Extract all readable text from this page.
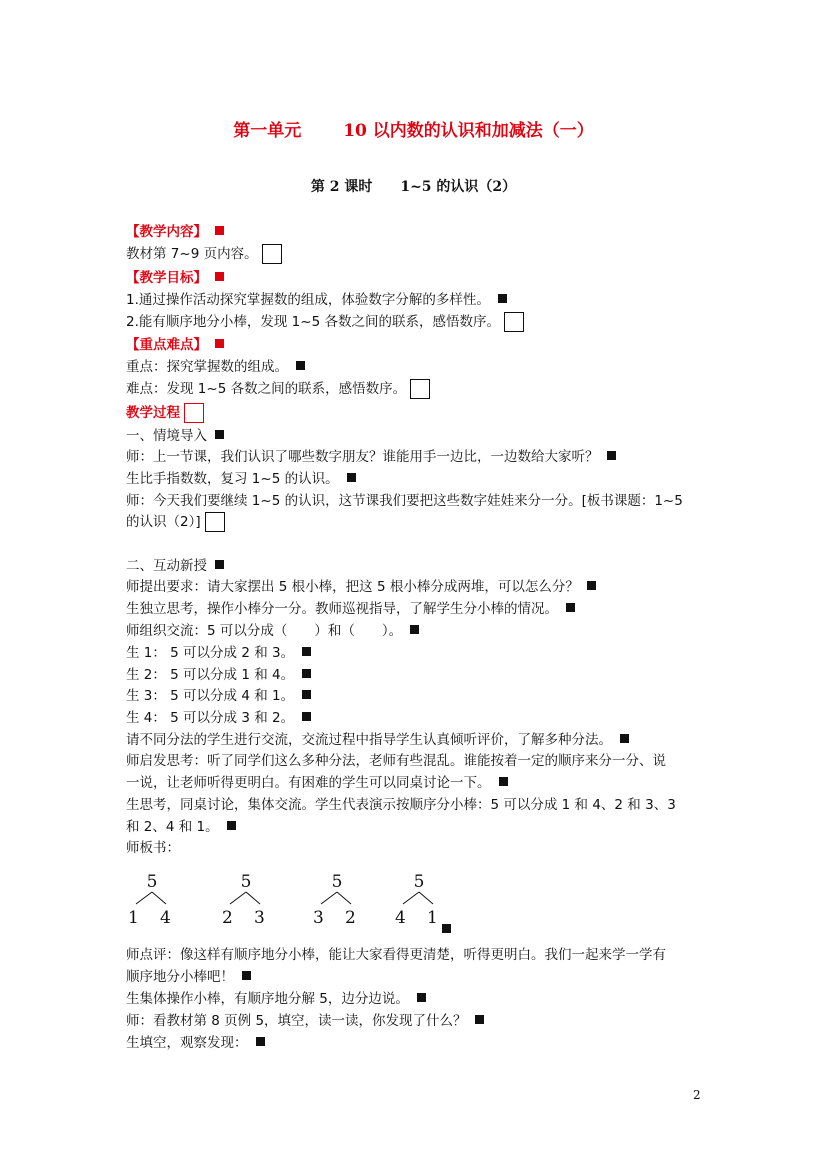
第一单元 10 以内数的认识和加减法（一）
第 2 课时 1~5 的认识（2）
【教学内容】
教材第 7~9 页内容。
【教学目标】
1.通过操作活动探究掌握数的组成，体验数字分解的多样性。
2.能有顺序地分小棒，发现 1~5 各数之间的联系，感悟数序。
【重点难点】
重点：探究掌握数的组成。
难点：发现 1~5 各数之间的联系，感悟数序。
教学过程
一、情境导入
师：上一节课，我们认识了哪些数字朋友？谁能用手一边比，一边数给大家听？
生比手指数数，复习 1~5 的认识。
师：今天我们要继续 1~5 的认识，这节课我们要把这些数字娃娃来分一分。[板书课题：1~5
的认识（2）]
二、互动新授
师提出要求：请大家摆出 5 根小棒，把这 5 根小棒分成两堆，可以怎么分？
生独立思考，操作小棒分一分。教师巡视指导，了解学生分小棒的情况。
师组织交流：5 可以分成（　　）和（　　）。
生 1： 5 可以分成 2 和 3。
生 2： 5 可以分成 1 和 4。
生 3： 5 可以分成 4 和 1。
生 4： 5 可以分成 3 和 2。
请不同分法的学生进行交流，交流过程中指导学生认真倾听评价，了解多种分法。
师启发思考：听了同学们这么多种分法，老师有些混乱。谁能按着一定的顺序来分一分、说
一说，让老师听得更明白。有困难的学生可以同桌讨论一下。
生思考，同桌讨论，集体交流。学生代表演示按顺序分小棒：5 可以分成 1 和 4、2 和 3、3
和 2、4 和 1。
师板书：
5
1 4
5
2 3
5
3 2
5
4 1
师点评：像这样有顺序地分小棒，能让大家看得更清楚，听得更明白。我们一起来学一学有
顺序地分小棒吧！
生集体操作小棒，有顺序地分解 5，边分边说。
师：看教材第 8 页例 5，填空，读一读，你发现了什么？
生填空，观察发现：
2
